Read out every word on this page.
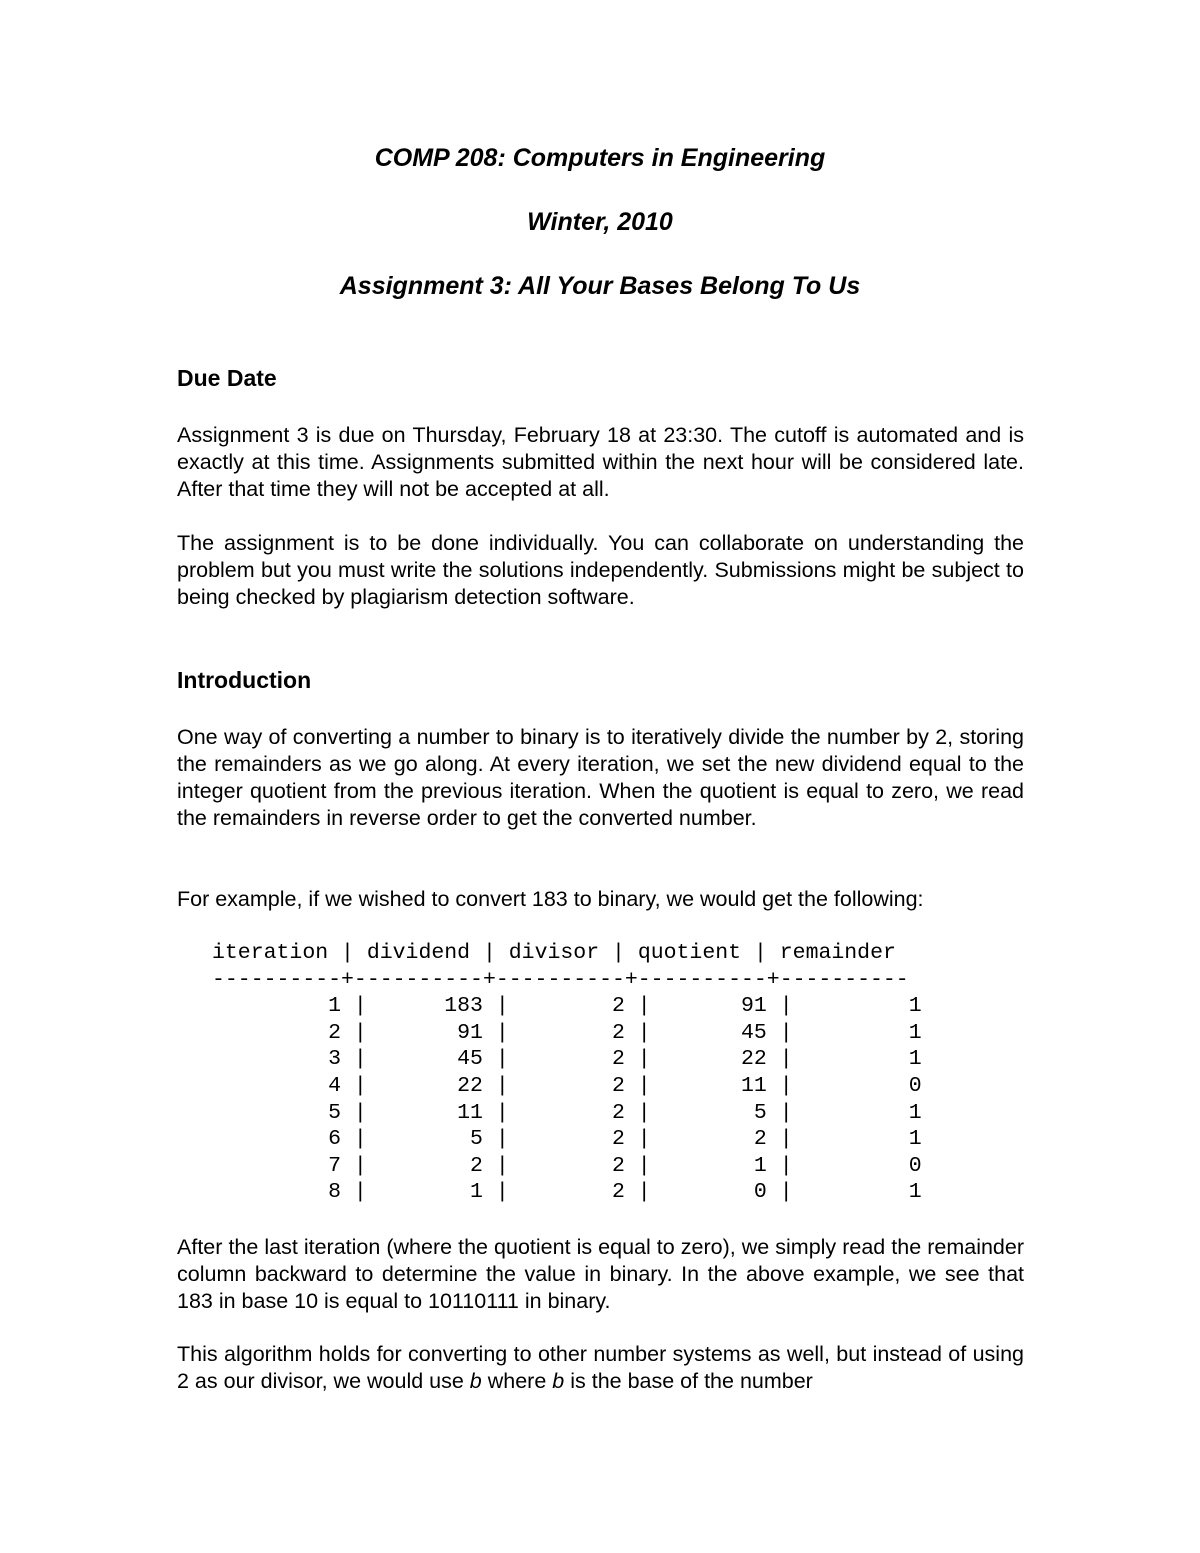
COMP 208: Computers in Engineering
Winter, 2010
Assignment 3: All Your Bases Belong To Us
Due Date

Assignment 3 is due on Thursday, February 18 at 23:30. The cutoff is automated and is exactly at this time. Assignments submitted within the next hour will be considered late. After that time they will not be accepted at all.

The assignment is to be done individually. You can collaborate on understanding the problem but you must write the solutions independently. Submissions might be subject to being checked by plagiarism detection software.

Introduction

One way of converting a number to binary is to iteratively divide the number by 2, storing the remainders as we go along. At every iteration, we set the new dividend equal to the integer quotient from the previous iteration. When the quotient is equal to zero, we read the remainders in reverse order to get the converted number.

For example, if we wished to convert 183 to binary, we would get the following:

iteration | dividend | divisor | quotient | remainder
----------+----------+----------+----------+----------
1 |      183 |        2 |       91 |         1
2 |       91 |        2 |       45 |         1
3 |       45 |        2 |       22 |         1
4 |       22 |        2 |       11 |         0
5 |       11 |        2 |        5 |         1
6 |        5 |        2 |        2 |         1
7 |        2 |        2 |        1 |         0
8 |        1 |        2 |        0 |         1

After the last iteration (where the quotient is equal to zero), we simply read the remainder column backward to determine the value in binary. In the above example, we see that 183 in base 10 is equal to 10110111 in binary.

This algorithm holds for converting to other number systems as well, but instead of using 2 as our divisor, we would use b where b is the base of the number
